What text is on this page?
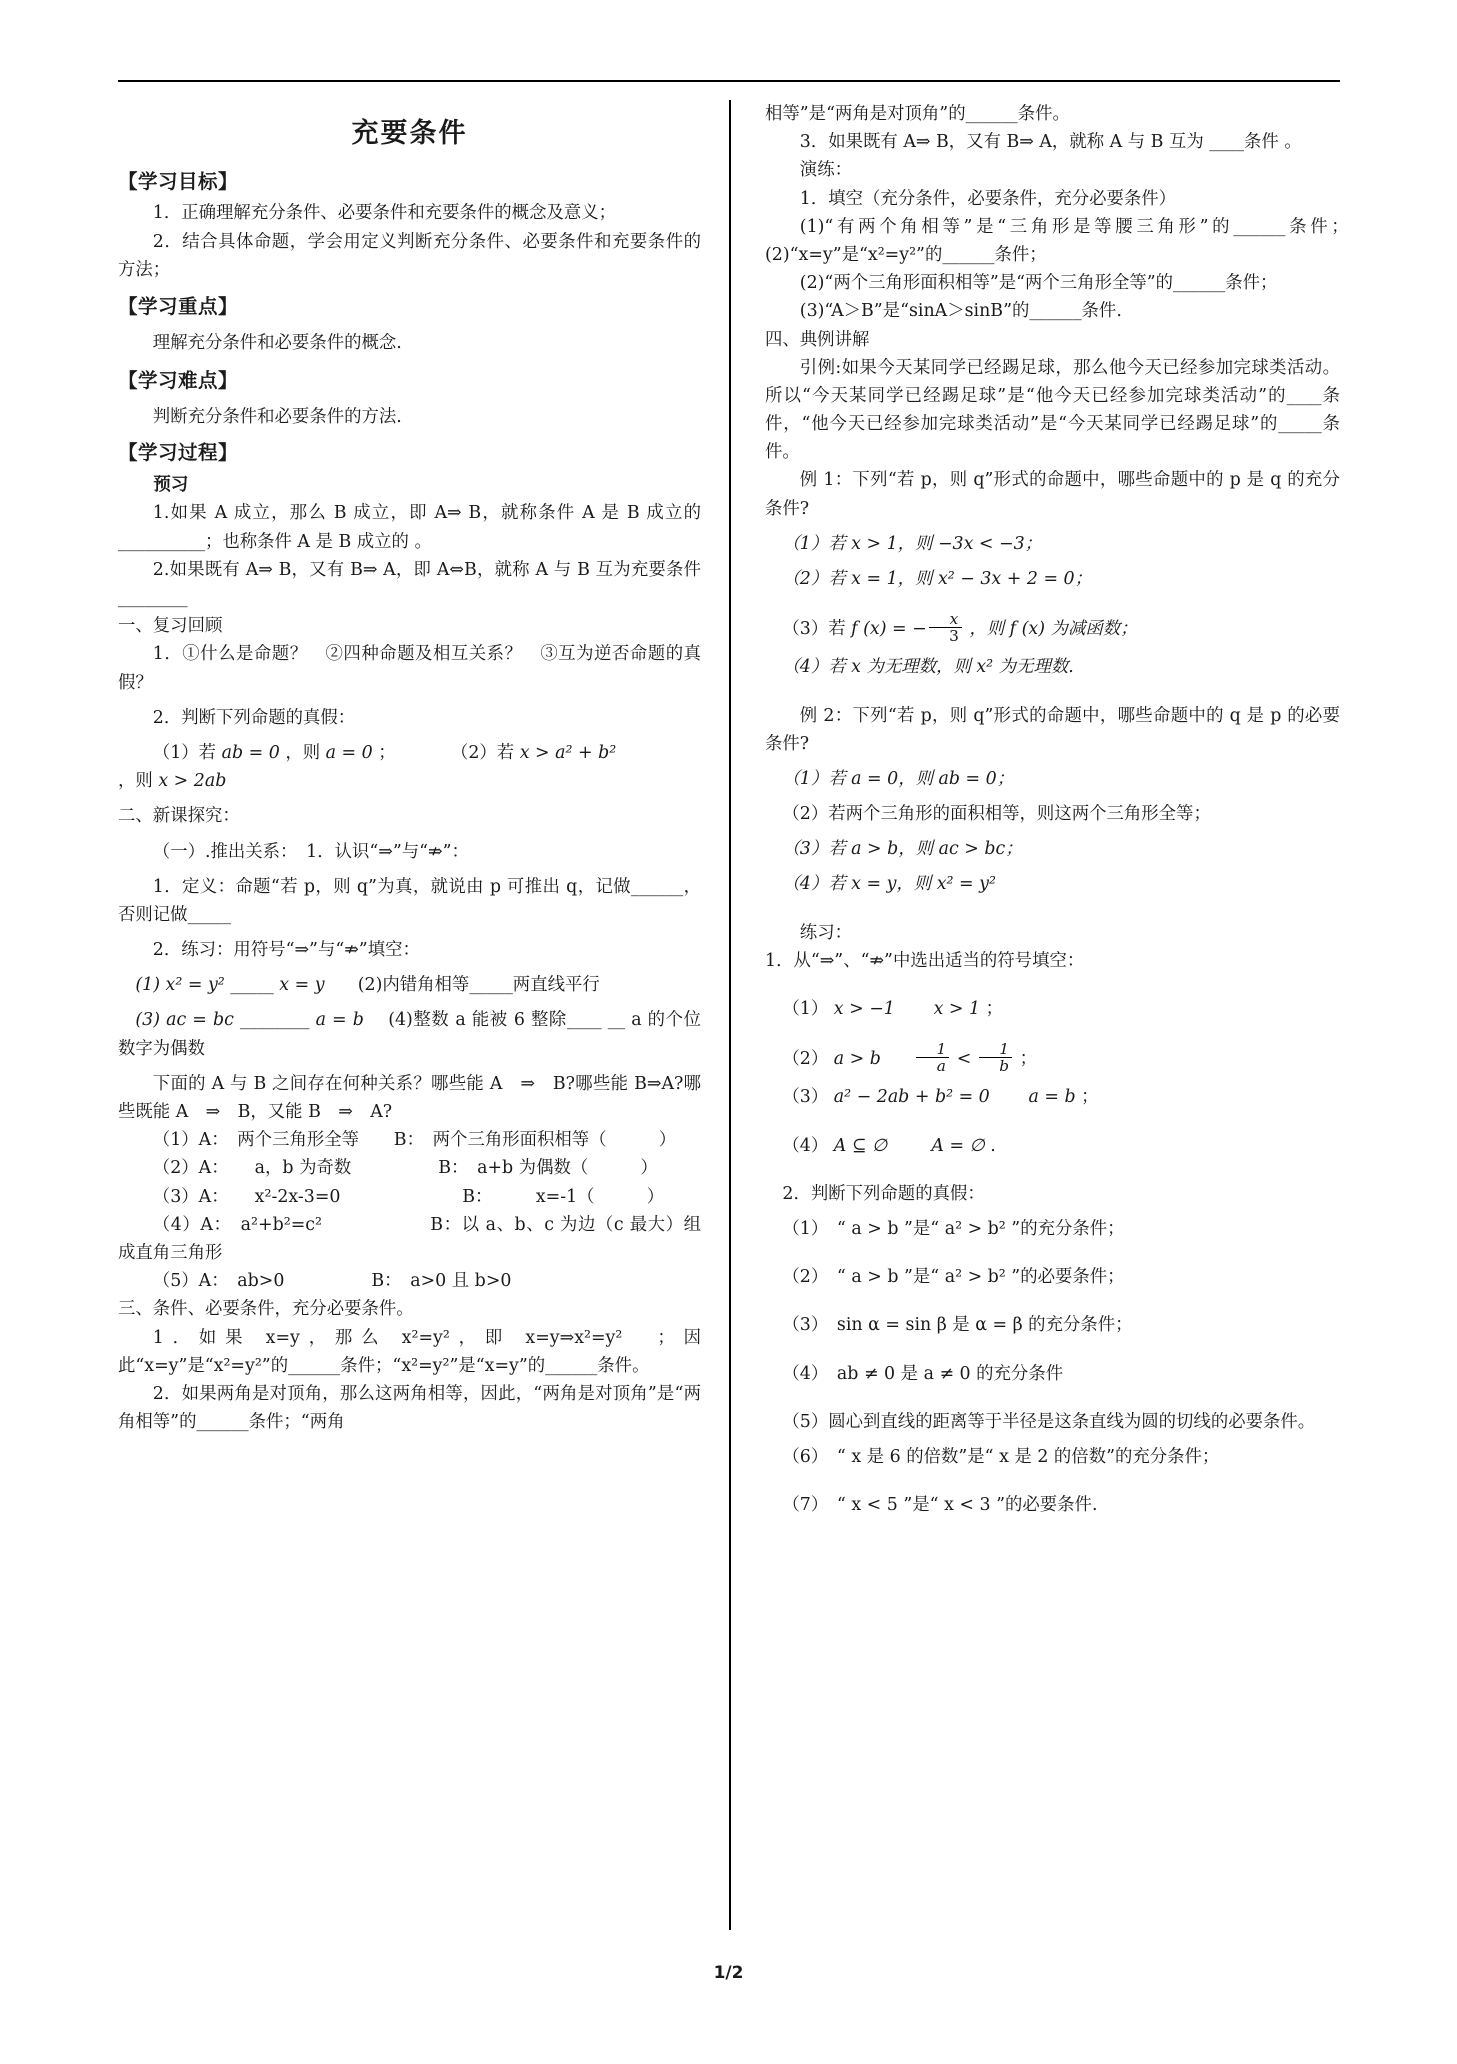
充要条件
【学习目标】

1．正确理解充分条件、必要条件和充要条件的概念及意义；

2．结合具体命题，学会用定义判断充分条件、必要条件和充要条件的方法；

【学习重点】

理解充分条件和必要条件的概念.

【学习难点】

判断充分条件和必要条件的方法.

【学习过程】
预习

1.如果 A 成立，那么 B 成立，即 A⇒ B，就称条件 A 是 B 成立的 __________；也称条件 A 是 B 成立的 。

2.如果既有 A⇒ B，又有 B⇒ A，即 A⇔B，就称 A 与 B 互为充要条件 ________

一、复习回顾

1．①什么是命题？　②四种命题及相互关系？　③互为逆否命题的真假？

2．判断下列命题的真假：

（1）若 ab = 0 ，则 a = 0 ；	（2）若 x > a² + b²

，则 x > 2ab

二、新课探究：

（一）.推出关系：　1．认识“⇒”与“⇏”：

1．定义：命题“若 p，则 q”为真，就说由 p 可推出 q，记做______，否则记做_____

2．练习：用符号“⇒”与“⇏”填空：

(1) x² = y² _____ x = y (2)内错角相等_____两直线平行

(3) ac = bc ________ a = b (4)整数 a 能被 6 整除____ __ a 的个位数字为偶数

下面的 A 与 B 之间存在何种关系？哪些能 A　⇒　B?哪些能 B⇒A?哪些既能 A　⇒　B，又能 B　⇒　A?

（1）A：　两个三角形全等　　B：　两个三角形面积相等（　　　）

（2）A：　　a，b 为奇数　　　　　B：　a+b 为偶数（　　　）

（3）A：　　x²-2x-3=0　　　　　　　B：　　　x=-1（　　　）

（4）A：　a²+b²=c²　　　　　　B：以 a、b、c 为边（c 最大）组成直角三角形

（5）A：　ab>0　　　　　B：　a>0 且 b>0

三、条件、必要条件，充分必要条件。

1．如果 x=y，那么 x²=y²，即 x=y⇒x²=y²　；因此“x=y”是“x²=y²”的______条件；“x²=y²”是“x=y”的______条件。

2．如果两角是对顶角，那么这两角相等，因此，“两角是对顶角”是“两角相等”的______条件；“两角

相等”是“两角是对顶角”的______条件。

3．如果既有 A⇒ B，又有 B⇒ A，就称 A 与 B 互为 ____条件 。

演练：

1．填空（充分条件，必要条件，充分必要条件）

(1)“有两个角相等”是“三角形是等腰三角形”的______条件；　(2)“x=y”是“x²=y²”的______条件；

(2)“两个三角形面积相等”是“两个三角形全等”的______条件；

(3)“A＞B”是“sinA＞sinB”的______条件.

四、典例讲解

引例:如果今天某同学已经踢足球，那么他今天已经参加完球类活动。所以“今天某同学已经踢足球”是“他今天已经参加完球类活动”的____条件，“他今天已经参加完球类活动”是“今天某同学已经踢足球”的_____条件。

例 1：下列“若 p，则 q”形式的命题中，哪些命题中的 p 是 q 的充分条件?

（1）若 x > 1，则 −3x < −3；

（2）若 x = 1，则 x² − 3x + 2 = 0；

（3）若 f (x) = − $\frac{x}{3}$ ，则 f (x) 为减函数；

（4）若 x 为无理数，则 x² 为无理数.

例 2：下列“若 p，则 q”形式的命题中，哪些命题中的 q 是 p 的必要条件?

（1）若 a = 0，则 ab = 0；

（2）若两个三角形的面积相等，则这两个三角形全等；

（3）若 a > b，则 ac > bc；

（4）若 x = y，则 x² = y²

练习：

1．从“⇒”、“⇏”中选出适当的符号填空：

（1） x > −1 x > 1 ；

（2） a > b $\frac{1}{a} < \frac{1}{b}$ ；

（3） a² − 2ab + b² = 0 a = b ；

（4） A ⊆ ∅	A = ∅ .

2．判断下列命题的真假：

（1）　“ a > b ”是“ a² > b² ”的充分条件；

（2）　“ a > b ”是“ a² > b² ”的必要条件；

（3）　sin α = sin β 是 α = β 的充分条件；

（4）　ab ≠ 0 是 a ≠ 0 的充分条件

（5）圆心到直线的距离等于半径是这条直线为圆的切线的必要条件。

（6）　“ x 是 6 的倍数”是“ x 是 2 的倍数”的充分条件；

（7）　“ x < 5 ”是“ x < 3 ”的必要条件.

1/2
